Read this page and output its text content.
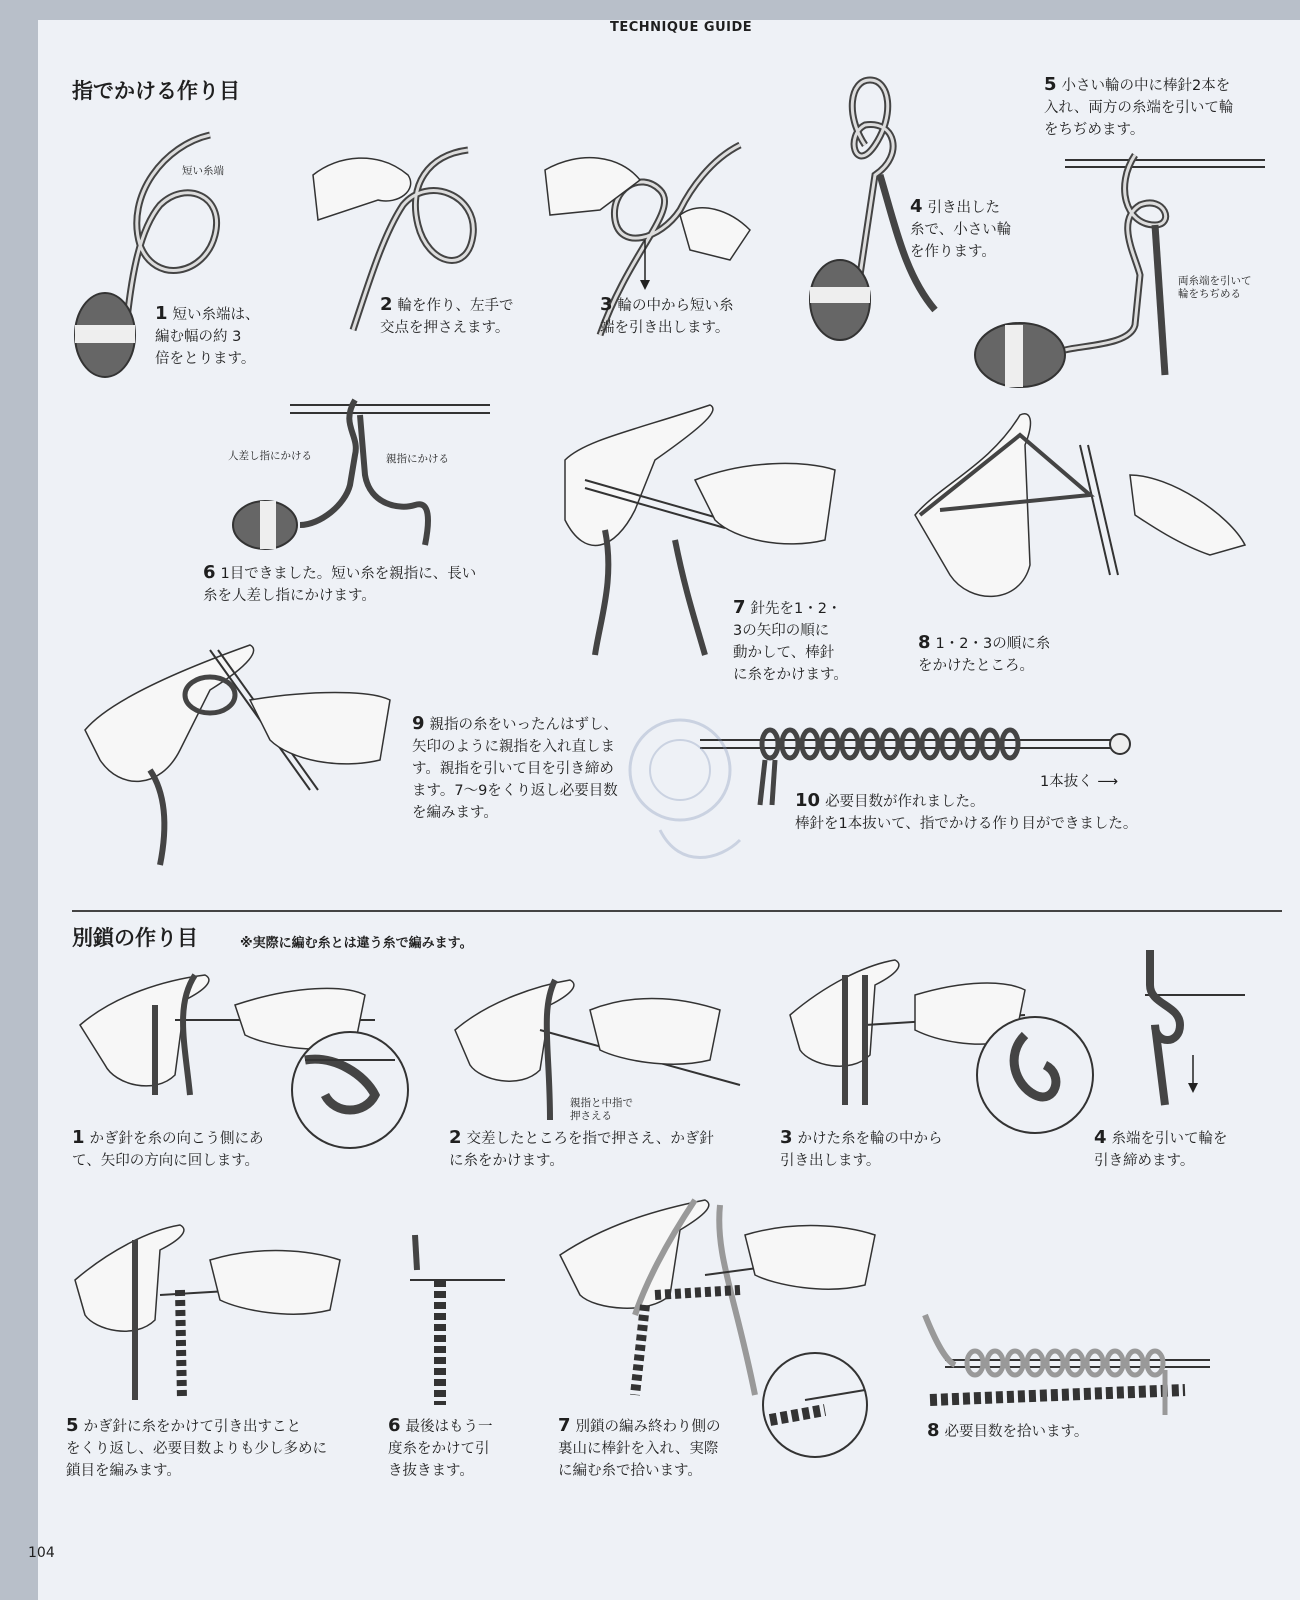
TECHNIQUE GUIDE
指でかける作り目
短い糸端
両糸端を引いて
輪をちぢめる
1 短い糸端は、
編む幅の約 3
倍をとります。
2 輪を作り、左手で
交点を押さえます。
3 輪の中から短い糸
端を引き出します。
4 引き出した
糸で、小さい輪
を作ります。
5 小さい輪の中に棒針2本を
入れ、両方の糸端を引いて輪
をちぢめます。
人差し指にかける	親指にかける
6 1目できました。短い糸を親指に、長い
糸を人差し指にかけます。
7 針先を1・2・
3の矢印の順に
動かして、棒針
に糸をかけます。
8 1・2・3の順に糸
をかけたところ。
9 親指の糸をいったんはずし、
矢印のように親指を入れ直しま
す。親指を引いて目を引き締め
ます。7～9をくり返し必要目数
を編みます。
1本抜く ⟶
10 必要目数が作れました。
棒針を1本抜いて、指でかける作り目ができました。
別鎖の作り目	※実際に編む糸とは違う糸で編みます。
1 かぎ針を糸の向こう側にあ
て、矢印の方向に回します。
親指と中指で
押さえる
2 交差したところを指で押さえ、かぎ針
に糸をかけます。
3 かけた糸を輪の中から
引き出します。
4 糸端を引いて輪を
引き締めます。
5 かぎ針に糸をかけて引き出すこと
をくり返し、必要目数よりも少し多めに
鎖目を編みます。
6 最後はもう一
度糸をかけて引
き抜きます。
7 別鎖の編み終わり側の
裏山に棒針を入れ、実際
に編む糸で拾います。
8 必要目数を拾います。
104
